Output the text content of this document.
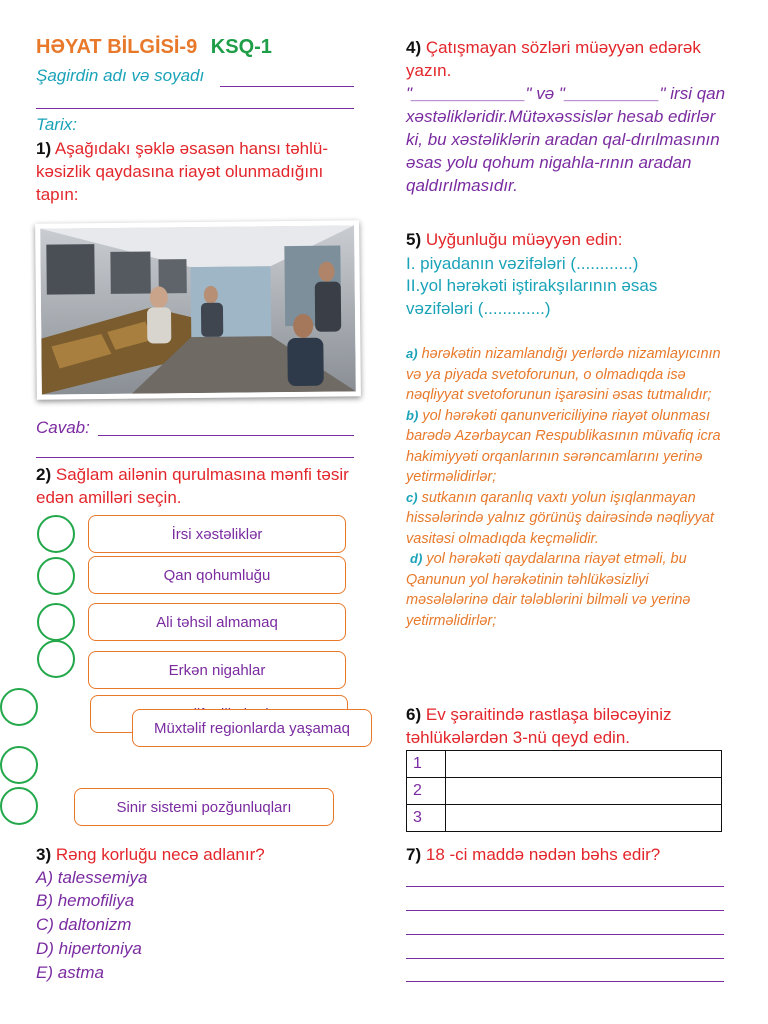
HƏYAT BİLGİSİ-9 KSQ-1
Şagirdin adı və soyadı
Tarix:
1) Aşağıdakı şəklə əsasən hansı təhlü-kəsizlik qaydasına riayət olunmadığını tapın:
Cavab:
2) Sağlam ailənin qurulmasına mənfi təsir edən amilləri seçin.
İrsi xəstəliklər
Qan qohumluğu
Ali təhsil almamaq
Erkən nigahlar
Müxtəlif regionlarda yaşamaq
Sinir sistemi pozğunluqları
3) Rəng korluğu necə adlanır?
A) talessemiya
B) hemofiliya
C) daltonizm
D) hipertoniya
E) astma
4) Çatışmayan sözləri müəyyən edərək yazın.
"____________" və "__________" irsi qan xəstəlikləridir.Mütəxəssislər hesab edirlər ki, bu xəstəliklərin aradan qal-dırılmasının əsas yolu qohum nigahla-rının aradan qaldırılmasıdır.
5) Uyğunluğu müəyyən edin:
I. piyadanın vəzifələri (............)
II.yol hərəkəti iştirakşılarının əsas vəzifələri (.............)
a) hərəkətin nizamlandığı yerlərdə nizamlayıcının və ya piyada svetoforunun, o olmadıqda isə nəqliyyat svetoforunun işarəsini əsas tutmalıdır;
b) yol hərəkəti qanunvericiliyinə riayət olunması barədə Azərbaycan Respublikasının müvafiq icra hakimiyyəti orqanlarının sərəncamlarını yerinə yetirməlidirlər;
c) sutkanın qaranlıq vaxtı yolun işıqlanmayan hissələrində yalnız görünüş dairəsində nəqliyyat vasitəsi olmadıqda keçməlidir.
d) yol hərəkəti qaydalarına riayət etməli, bu Qanunun yol hərəkətinin təhlükəsizliyi məsələlərinə dair tələblərini bilməli və yerinə yetirməlidirlər;
6) Ev şəraitində rastlaşa biləcəyiniz təhlükələrdən 3-nü qeyd edin.
1	
2	
3	
7) 18 -ci maddə nədən bəhs edir?
